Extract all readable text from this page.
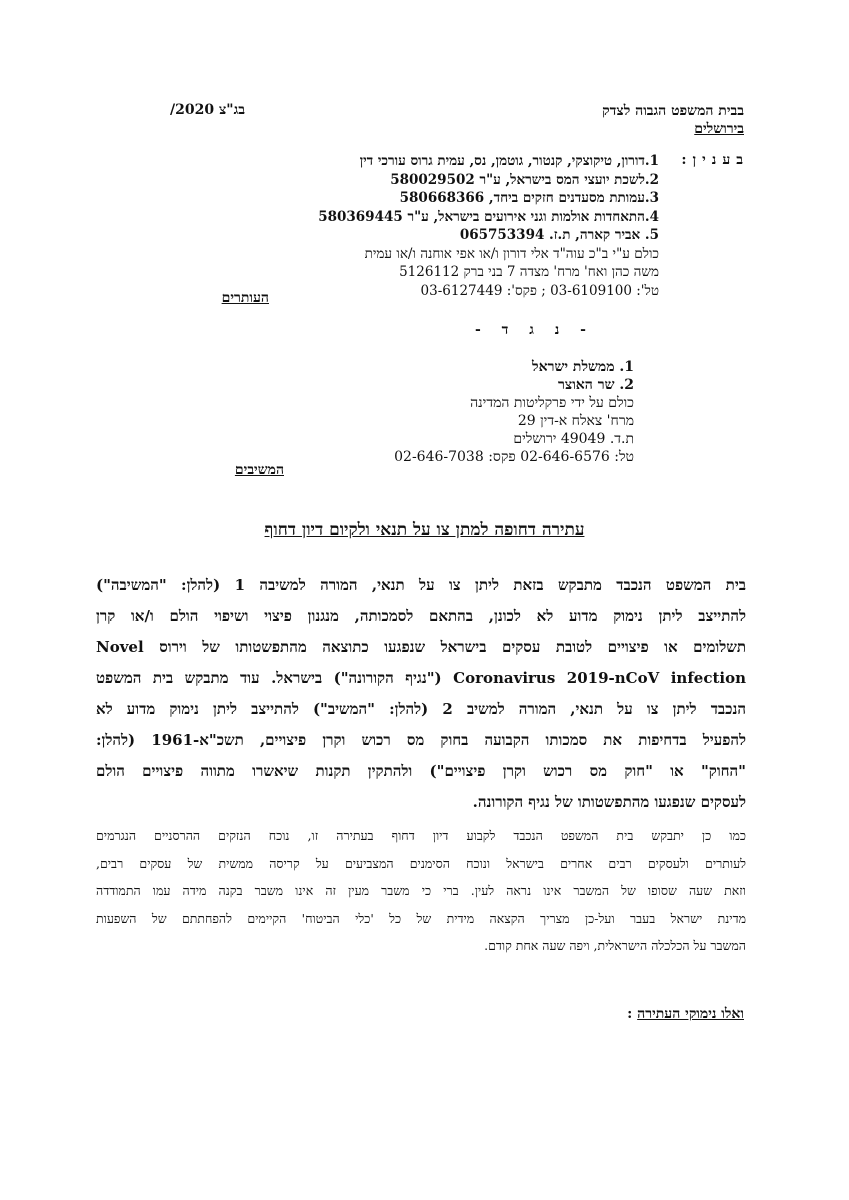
בבית המשפט הגבוה לצדק
בירושלים
בג"צ 2020/
בענין:
1.דורון, טיקוצקי, קנטור, גוטמן, נס, עמית גרוס עורכי דין
2.לשכת יועצי המס בישראל, ע"ר 580029502
3.עמותת מסעדנים חזקים ביחד, 580668366
4.התאחדות אולמות וגני אירועים בישראל, ע"ר 580369445
5. אביר קארה, ת.ז. 065753394
כולם ע"י ב"כ עוה"ד אלי דורון ו/או אפי אוחנה ו/או עמית
משה כהן ואח' מרח' מצדה 7 בני ברק 5126112
טל': 03-6109100 ; פקס': 03-6127449
העותרים
- נ ג ד -
1. ממשלת ישראל
2. שר האוצר
כולם על ידי פרקליטות המדינה
מרח' צאלח א-דין 29
ת.ד. 49049 ירושלים
טל: 02-646-6576 פקס: 02-646-7038
המשיבים
עתירה דחופה למתן צו על תנאי ולקיום דיון דחוף
בית המשפט הנכבד מתבקש בזאת ליתן צו על תנאי, המורה למשיבה 1 (להלן: "המשיבה")
להתייצב ליתן נימוק מדוע לא לכונן, בהתאם לסמכותה, מנגנון פיצוי ושיפוי הולם ו/או קרן
תשלומים או פיצויים לטובת עסקים בישראל שנפגעו כתוצאה מהתפשטותו של וירוס Novel
Coronavirus 2019-nCoV infection ("נגיף הקורונה") בישראל. עוד מתבקש בית המשפט
הנכבד ליתן צו על תנאי, המורה למשיב 2 (להלן: "המשיב") להתייצב ליתן נימוק מדוע לא
להפעיל בדחיפות את סמכותו הקבועה בחוק מס רכוש וקרן פיצויים, תשכ"א-1961 (להלן:
"החוק" או "חוק מס רכוש וקרן פיצויים") ולהתקין תקנות שיאשרו מתווה פיצויים הולם
לעסקים שנפגעו מהתפשטותו של נגיף הקורונה.
כמו כן יתבקש בית המשפט הנכבד לקבוע דיון דחוף בעתירה זו, נוכח הנזקים ההרסניים הנגרמים
לעותרים ולעסקים רבים אחרים בישראל ונוכח הסימנים המצביעים על קריסה ממשית של עסקים רבים,
וזאת שעה שסופו של המשבר אינו נראה לעין. ברי כי משבר מעין זה אינו משבר בקנה מידה עמו התמודדה
מדינת ישראל בעבר ועל-כן מצריך הקצאה מידית של כל 'כלי הביטוח' הקיימים להפחתתם של השפעות
המשבר על הכלכלה הישראלית, ויפה שעה אחת קודם.
ואלו נימוקי העתירה :
